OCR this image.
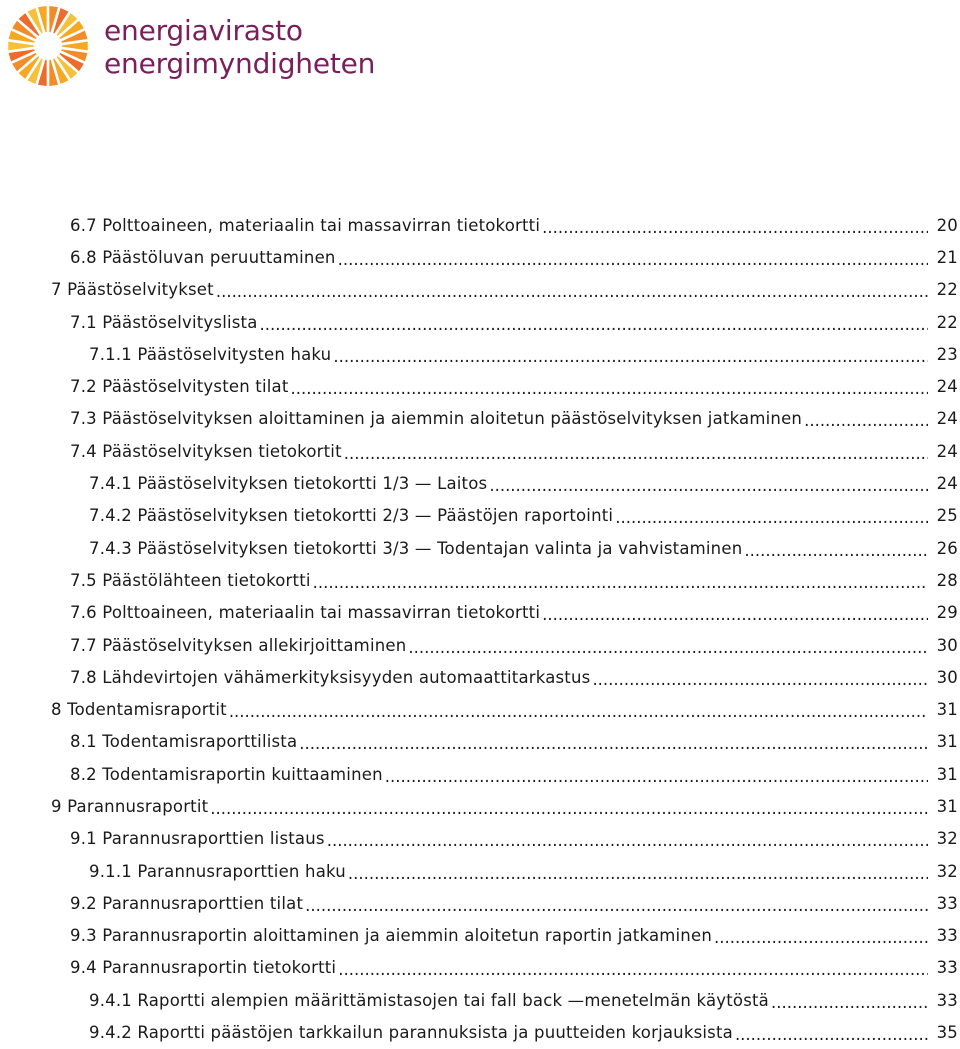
energiavirasto
energimyndigheten
6.7 Polttoaineen, materiaalin tai massavirran tietokortti .....	20
6.8 Päästöluvan peruuttaminen .....	21
7 Päästöselvitykset .....	22
7.1 Päästöselvityslista .....	22
7.1.1 Päästöselvitysten haku .....	23
7.2 Päästöselvitysten tilat .....	24
7.3 Päästöselvityksen aloittaminen ja aiemmin aloitetun päästöselvityksen jatkaminen .....	24
7.4 Päästöselvityksen tietokortit .....	24
7.4.1 Päästöselvityksen tietokortti 1/3 — Laitos .....	24
7.4.2 Päästöselvityksen tietokortti 2/3 — Päästöjen raportointi .....	25
7.4.3 Päästöselvityksen tietokortti 3/3 — Todentajan valinta ja vahvistaminen .....	26
7.5 Päästölähteen tietokortti .....	28
7.6 Polttoaineen, materiaalin tai massavirran tietokortti .....	29
7.7 Päästöselvityksen allekirjoittaminen .....	30
7.8 Lähdevirtojen vähämerkityksisyyden automaattitarkastus .....	30
8 Todentamisraportit .....	31
8.1 Todentamisraporttilista .....	31
8.2 Todentamisraportin kuittaaminen .....	31
9 Parannusraportit .....	31
9.1 Parannusraporttien listaus .....	32
9.1.1 Parannusraporttien haku .....	32
9.2 Parannusraporttien tilat .....	33
9.3 Parannusraportin aloittaminen ja aiemmin aloitetun raportin jatkaminen .....	33
9.4 Parannusraportin tietokortti .....	33
9.4.1 Raportti alempien määrittämistasojen tai fall back —menetelmän käytöstä .....	33
9.4.2 Raportti päästöjen tarkkailun parannuksista ja puutteiden korjauksista .....	35
